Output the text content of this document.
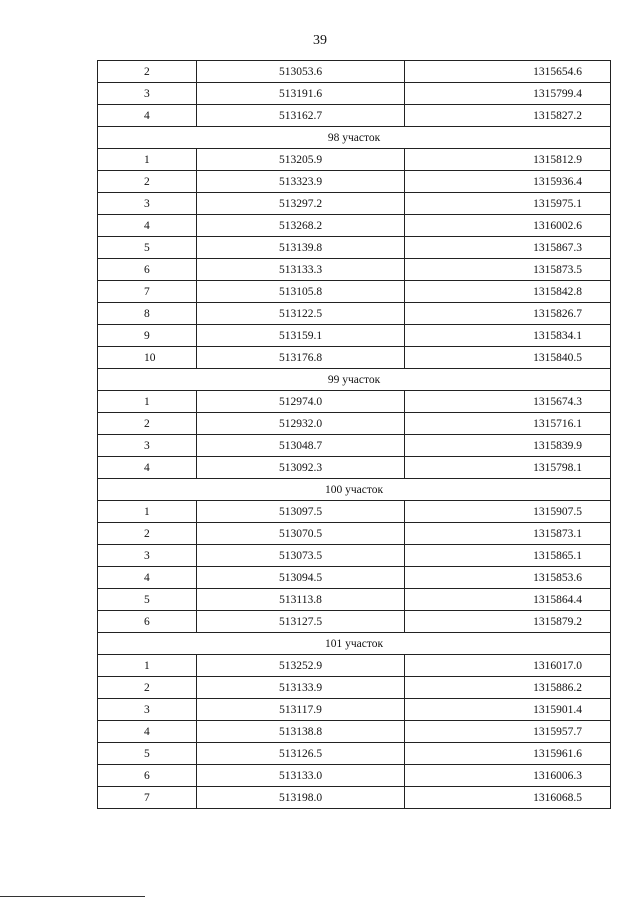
39
2	513053.6	1315654.6
3	513191.6	1315799.4
4	513162.7	1315827.2
98 участок		
1	513205.9	1315812.9
2	513323.9	1315936.4
3	513297.2	1315975.1
4	513268.2	1316002.6
5	513139.8	1315867.3
6	513133.3	1315873.5
7	513105.8	1315842.8
8	513122.5	1315826.7
9	513159.1	1315834.1
10	513176.8	1315840.5
99 участок		
1	512974.0	1315674.3
2	512932.0	1315716.1
3	513048.7	1315839.9
4	513092.3	1315798.1
100 участок		
1	513097.5	1315907.5
2	513070.5	1315873.1
3	513073.5	1315865.1
4	513094.5	1315853.6
5	513113.8	1315864.4
6	513127.5	1315879.2
101 участок		
1	513252.9	1316017.0
2	513133.9	1315886.2
3	513117.9	1315901.4
4	513138.8	1315957.7
5	513126.5	1315961.6
6	513133.0	1316006.3
7	513198.0	1316068.5
